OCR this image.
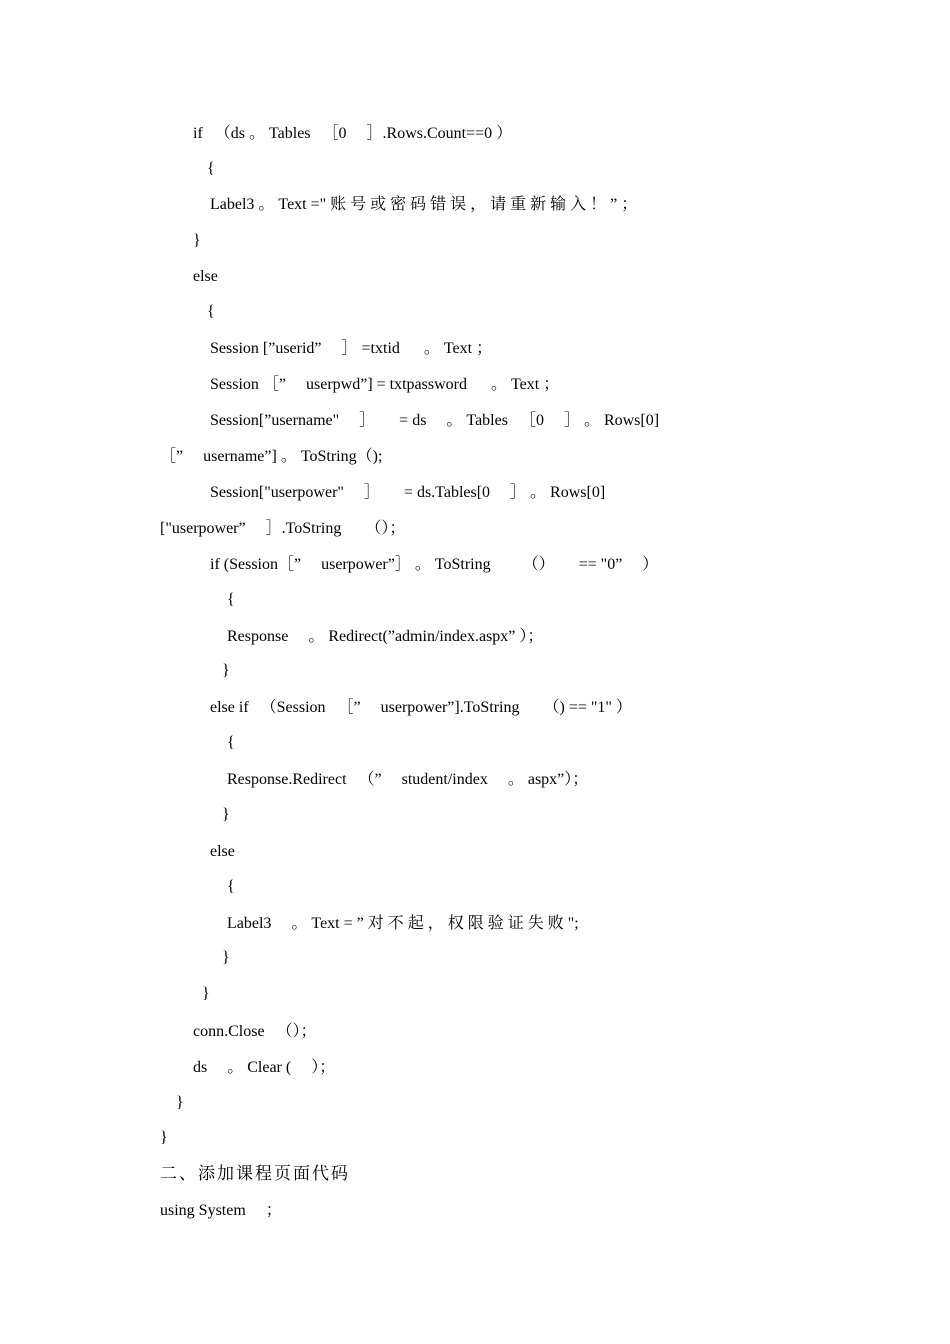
if 　（ds 。 Tables 　［0 　］.Rows.Count==0 ）
{
Label3 。 Text =" 账 号 或 密 码 错 误 ， 请 重 新 输 入 ！ ” ；
}
else
{
Session [”userid” 　］ =txtid 　 。 Text ；
Session ［” 　userpwd”] = txtpassword 　 。 Text ；
Session[”username" 　］ 　 = ds 　。 Tables 　［0 　］ 。 Rows[0]
［” 　username”] 。 ToString（);
Session["userpower" 　］ 　 = ds.Tables[0 　］ 。 Rows[0]
["userpower” 　］.ToString 　 （）；
if (Session［” 　userpower”］ 。 ToString 　 　（） 　 == "0” 　）
{
Response 　。 Redirect(”admin/index.aspx” ）；
}
else if 　（Session 　［” 　userpower”].ToString 　 （) == "1" ）
{
Response.Redirect 　（” 　student/index 　。 aspx”）；
}
else
{
Label3 　。 Text = ” 对 不 起 ， 权 限 验 证 失 败 ";
}
}
conn.Close 　（）；
ds 　。 Clear ( 　）；
}
}
二、添加课程页面代码
using System 　；
